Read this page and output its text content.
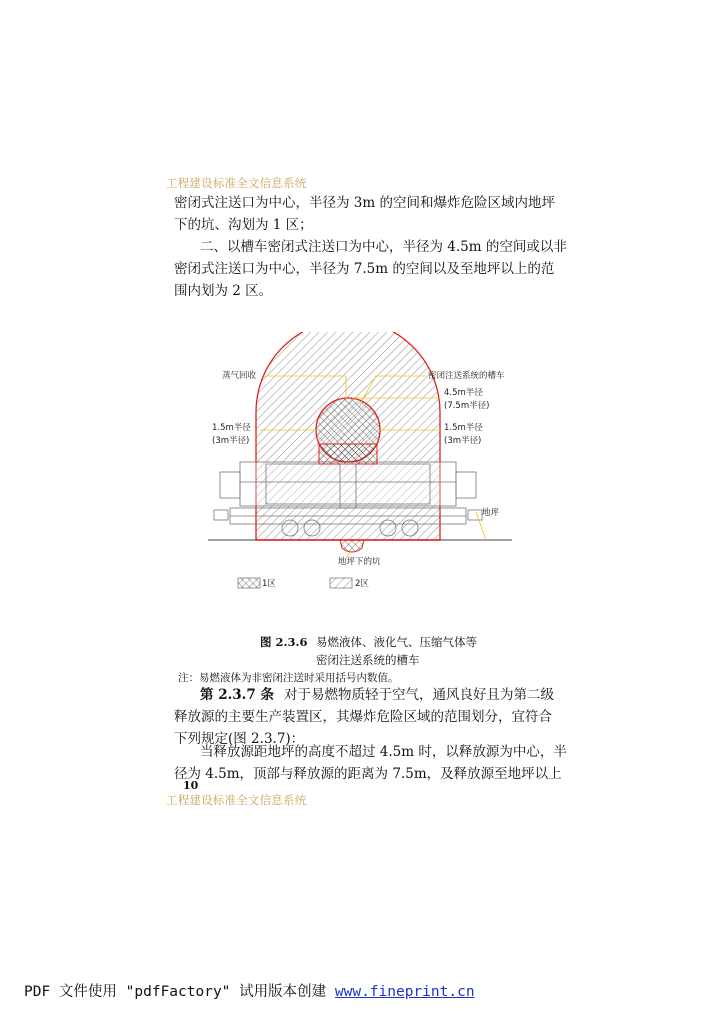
工程建设标准全文信息系统
密闭式注送口为中心，半径为 3m 的空间和爆炸危险区域内地坪
下的坑、沟划为 1 区；
二、以槽车密闭式注送口为中心，半径为 4.5m 的空间或以非
密闭式注送口为中心，半径为 7.5m 的空间以及至地坪以上的范
围内划为 2 区。
蒸气回收	密闭注送系统的槽车
4.5m半径
(7.5m半径)
1.5m半径
(3m半径)
1.5m半径
(3m半径)
地坪
地坪下的坑
1区	2区
图 2.3.6 易燃液体、液化气、压缩气体等
密闭注送系统的槽车
注：易燃液体为非密闭注送时采用括号内数值。
第 2.3.7 条 对于易燃物质轻于空气，通风良好且为第二级
释放源的主要生产装置区，其爆炸危险区域的范围划分，宜符合
下列规定(图 2.3.7)：
当释放源距地坪的高度不超过 4.5m 时，以释放源为中心，半
径为 4.5m，顶部与释放源的距离为 7.5m，及释放源至地坪以上
工程建设标准全文信息系统
10
PDF 文件使用 "pdfFactory" 试用版本创建 www.fineprint.cn
